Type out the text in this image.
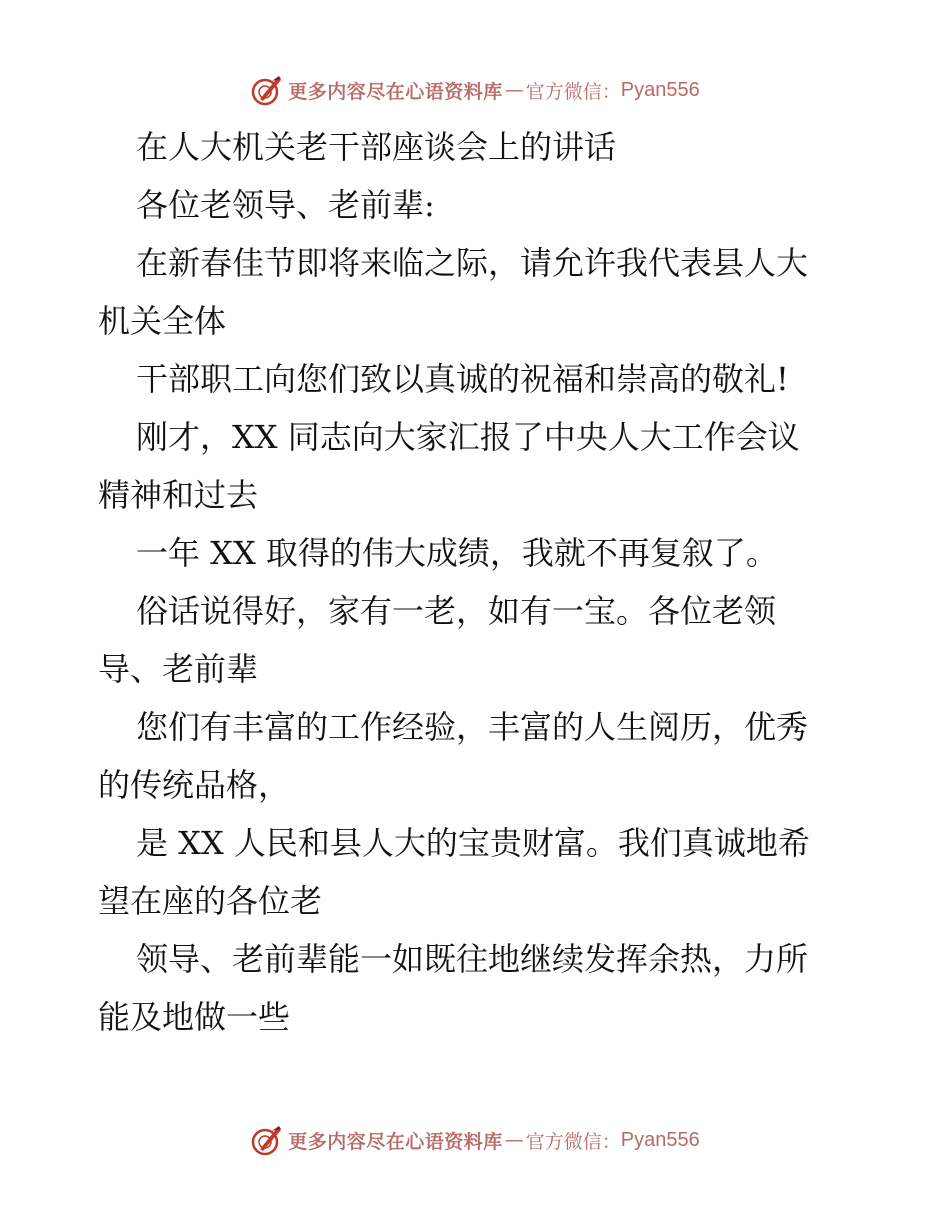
更多内容尽在心语资料库 — 官方微信： Pyan556
在人大机关老干部座谈会上的讲话
各位老领导、老前辈:
在新春佳节即将来临之际，请允许我代表县人大
机关全体
干部职工向您们致以真诚的祝福和崇高的敬礼!
刚才，XX 同志向大家汇报了中央人大工作会议
精神和过去
一年 XX 取得的伟大成绩，我就不再复叙了。
俗话说得好，家有一老，如有一宝。各位老领
导、老前辈
您们有丰富的工作经验，丰富的人生阅历，优秀
的传统品格，
是 XX 人民和县人大的宝贵财富。我们真诚地希
望在座的各位老
领导、老前辈能一如既往地继续发挥余热，力所
能及地做一些
更多内容尽在心语资料库 — 官方微信： Pyan556
